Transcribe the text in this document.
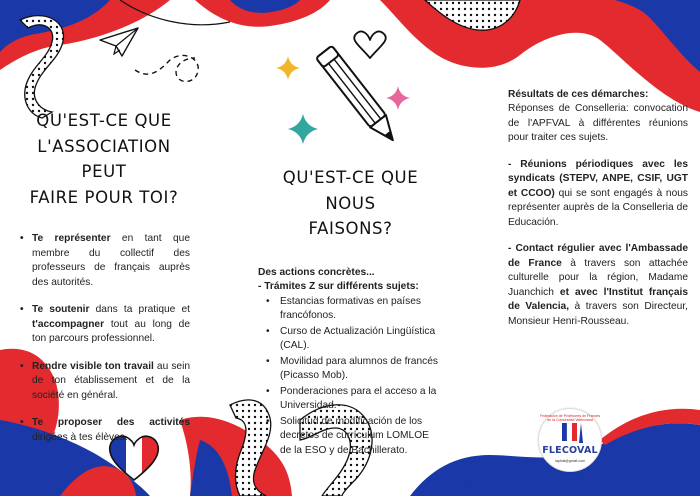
QU'EST-CE QUE
L'ASSOCIATION PEUT
FAIRE POUR TOI?
• Te représenter en tant que membre du collectif des professeurs de français auprès des autorités.
• Te soutenir dans ta pratique et t'accompagner tout au long de ton parcours professionnel.
• Rendre visible ton travail au sein de ton établissement et de la société en général.
• Te proposer des activités dirigées à tes élèves.
QU'EST-CE QUE NOUS
FAISONS?
Des actions concrètes...
- Trámites Z sur différents sujets:
• Estancias formativas en países francófonos.
• Curso de Actualización Lingüística (CAL).
• Movilidad para alumnos de francés (Picasso Mob).
• Ponderaciones para el acceso a la Universidad.
• Solicitud de modificación de los decretos de currículum LOMLOE de la ESO y de Bachillerato.
Résultats de ces démarches:
Réponses de Conselleria: convocation de l'APFVAL à différentes réunions pour traiter ces sujets.
- Réunions périodiques avec les syndicats (STEPV, ANPE, CSIF, UGT et CCOO) qui se sont engagés à nous représenter auprès de la Conselleria de Educación.
- Contact régulier avec l'Ambassade de France à travers son attachée culturelle pour la région, Madame Juanchich et avec l'Institut français de Valencia, à travers son Directeur, Monsieur Henri-Rousseau.
Federación de Profesores de Francés de la Comunidad Valenciana
FLECOVAL
lapfval@gmail.com
